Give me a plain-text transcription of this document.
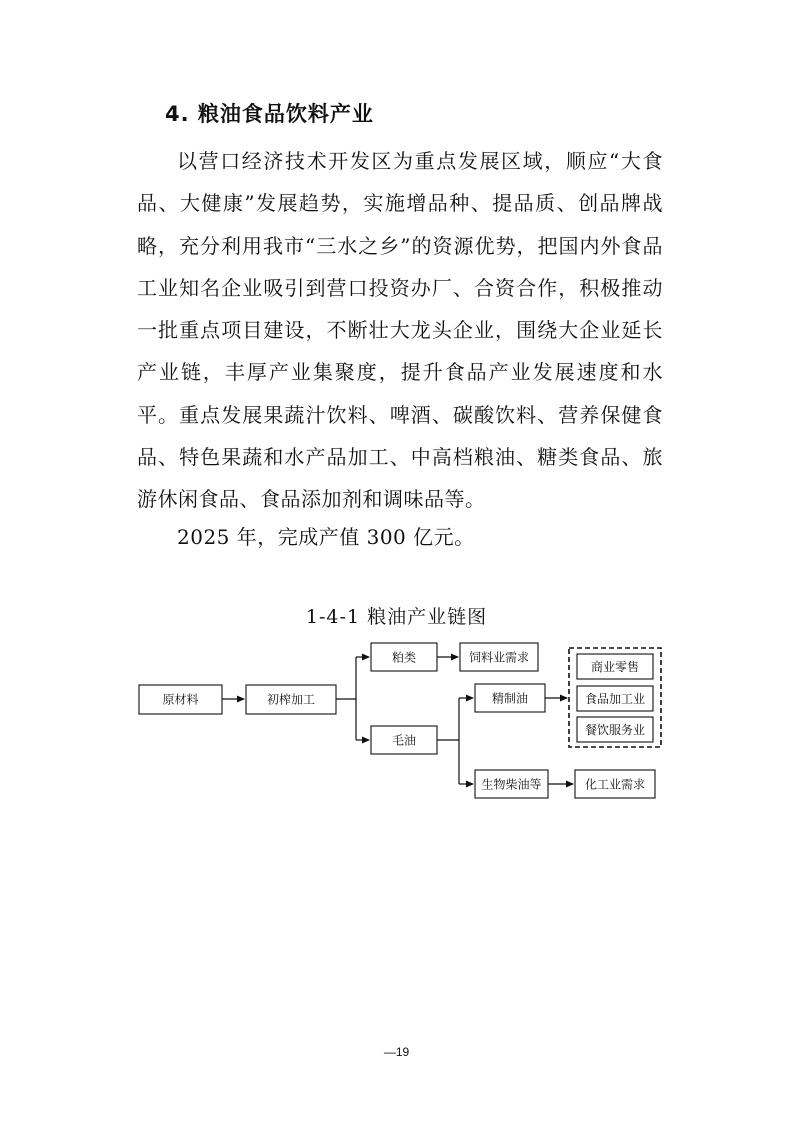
4. 粮油食品饮料产业
以营口经济技术开发区为重点发展区域，顺应“大食品、大健康”发展趋势，实施增品种、提品质、创品牌战略，充分利用我市“三水之乡”的资源优势，把国内外食品工业知名企业吸引到营口投资办厂、合资合作，积极推动一批重点项目建设，不断壮大龙头企业，围绕大企业延长产业链，丰厚产业集聚度，提升食品产业发展速度和水平。重点发展果蔬汁饮料、啤酒、碳酸饮料、营养保健食品、特色果蔬和水产品加工、中高档粮油、糖类食品、旅游休闲食品、食品添加剂和调味品等。
2025 年，完成产值 300 亿元。
1-4-1 粮油产业链图
原材料	初榨加工
粕类	饲料业需求
毛油
精制油
生物柴油等	化工业需求
商业零售
食品加工业
餐饮服务业
—19
